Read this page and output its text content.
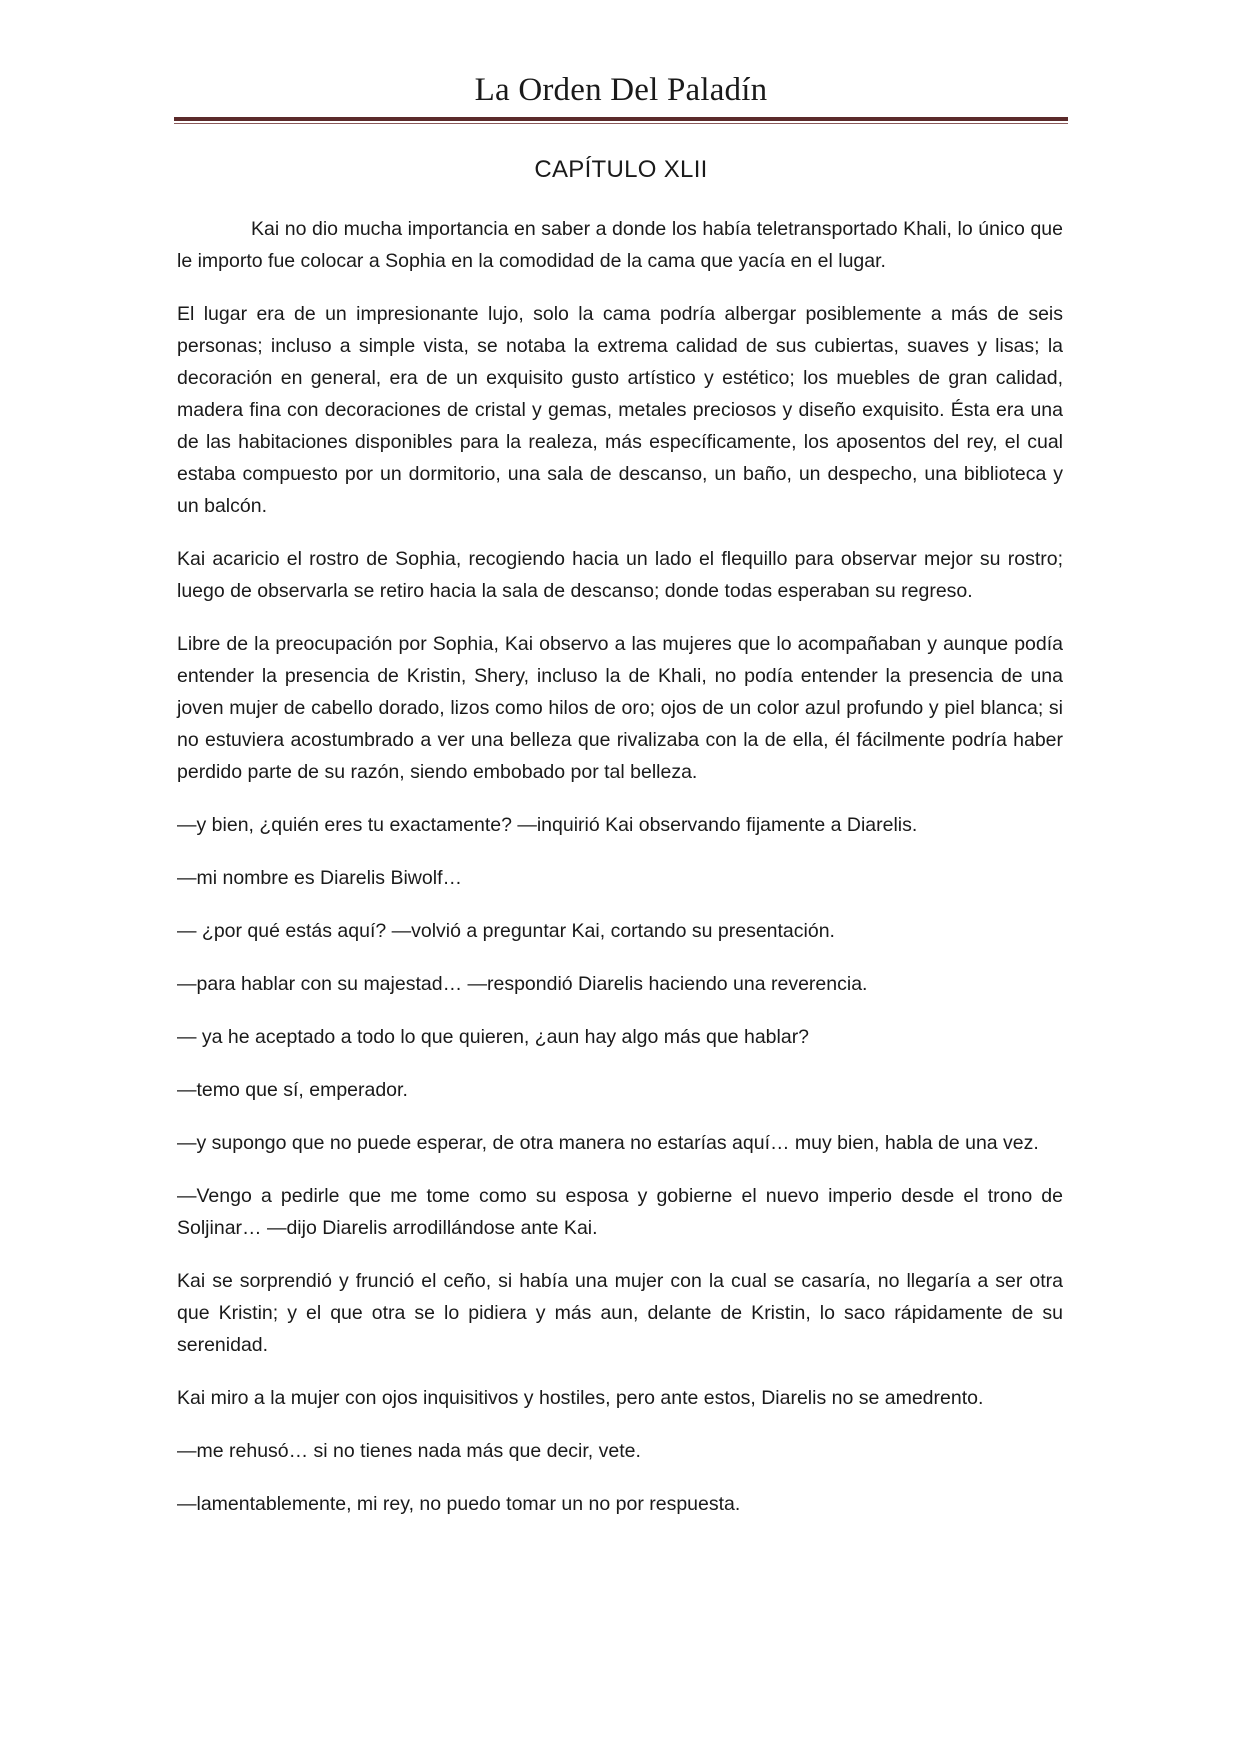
La Orden Del Paladín
CAPÍTULO XLII

Kai no dio mucha importancia en saber a donde los había teletransportado Khali, lo único que le importo fue colocar a Sophia en la comodidad de la cama que yacía en el lugar.

El lugar era de un impresionante lujo, solo la cama podría albergar posiblemente a más de seis personas; incluso a simple vista, se notaba la extrema calidad de sus cubiertas, suaves y lisas; la decoración en general, era de un exquisito gusto artístico y estético; los muebles de gran calidad, madera fina con decoraciones de cristal y gemas, metales preciosos y diseño exquisito. Ésta era una de las habitaciones disponibles para la realeza, más específicamente, los aposentos del rey, el cual estaba compuesto por un dormitorio, una sala de descanso, un baño, un despecho, una biblioteca y un balcón.

Kai acaricio el rostro de Sophia, recogiendo hacia un lado el flequillo para observar mejor su rostro; luego de observarla se retiro hacia la sala de descanso; donde todas esperaban su regreso.

Libre de la preocupación por Sophia, Kai observo a las mujeres que lo acompañaban y aunque podía entender la presencia de Kristin, Shery, incluso la de Khali, no podía entender la presencia de una joven mujer de cabello dorado, lizos como hilos de oro; ojos de un color azul profundo y piel blanca; si no estuviera acostumbrado a ver una belleza que rivalizaba con la de ella, él fácilmente podría haber perdido parte de su razón, siendo embobado por tal belleza.

—y bien, ¿quién eres tu exactamente? —inquirió Kai observando fijamente a Diarelis.

—mi nombre es Diarelis Biwolf…

— ¿por qué estás aquí? —volvió a preguntar Kai, cortando su presentación.

—para hablar con su majestad… —respondió Diarelis haciendo una reverencia.

— ya he aceptado a todo lo que quieren, ¿aun hay algo más que hablar?

—temo que sí, emperador.

—y supongo que no puede esperar, de otra manera no estarías aquí… muy bien, habla de una vez.

—Vengo a pedirle que me tome como su esposa y gobierne el nuevo imperio desde el trono de Soljinar… —dijo Diarelis arrodillándose ante Kai.

Kai se sorprendió y frunció el ceño, si había una mujer con la cual se casaría, no llegaría a ser otra que Kristin; y el que otra se lo pidiera y más aun, delante de Kristin, lo saco rápidamente de su serenidad.

Kai miro a la mujer con ojos inquisitivos y hostiles, pero ante estos, Diarelis no se amedrento.

—me rehusó… si no tienes nada más que decir, vete.

—lamentablemente, mi rey, no puedo tomar un no por respuesta.
